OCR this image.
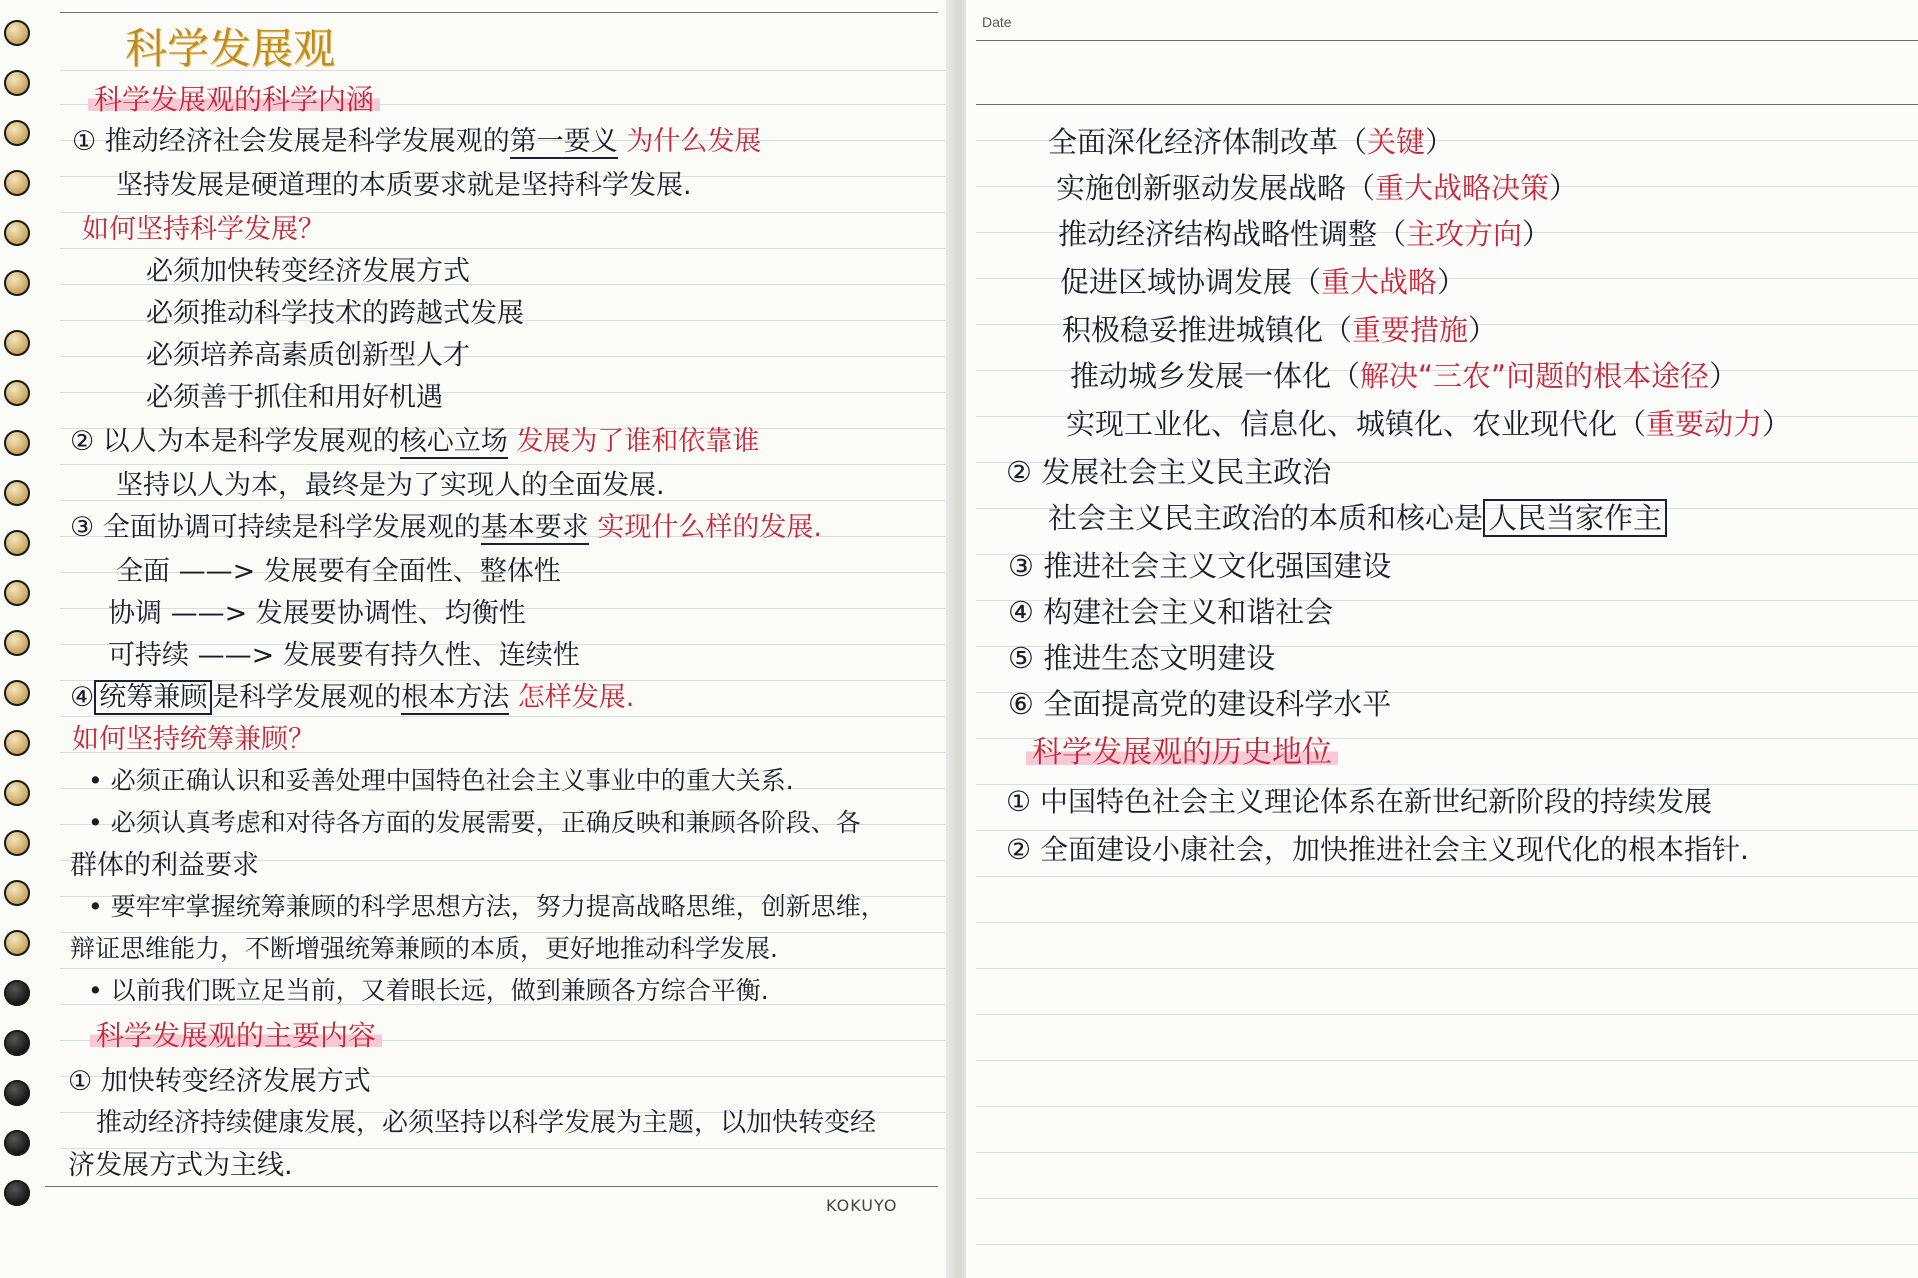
科学发展观
科学发展观的科学内涵
① 推动经济社会发展是科学发展观的第一要义 为什么发展
坚持发展是硬道理的本质要求就是坚持科学发展.
如何坚持科学发展？
必须加快转变经济发展方式
必须推动科学技术的跨越式发展
必须培养高素质创新型人才
必须善于抓住和用好机遇
② 以人为本是科学发展观的核心立场 发展为了谁和依靠谁
坚持以人为本，最终是为了实现人的全面发展.
③ 全面协调可持续是科学发展观的基本要求 实现什么样的发展.
全面 ——> 发展要有全面性、整体性
协调 ——> 发展要协调性、均衡性
可持续 ——> 发展要有持久性、连续性
④ 统筹兼顾 是科学发展观的根本方法 怎样发展.
如何坚持统筹兼顾？
• 必须正确认识和妥善处理中国特色社会主义事业中的重大关系.
• 必须认真考虑和对待各方面的发展需要，正确反映和兼顾各阶段、各
群体的利益要求
• 要牢牢掌握统筹兼顾的科学思想方法，努力提高战略思维，创新思维，
辩证思维能力，不断增强统筹兼顾的本质，更好地推动科学发展.
• 以前我们既立足当前，又着眼长远，做到兼顾各方综合平衡.
科学发展观的主要内容
① 加快转变经济发展方式
推动经济持续健康发展，必须坚持以科学发展为主题，以加快转变经
济发展方式为主线.
KOKUYO
Date
全面深化经济体制改革（关键）
实施创新驱动发展战略（重大战略决策）
推动经济结构战略性调整（主攻方向）
促进区域协调发展（重大战略）
积极稳妥推进城镇化（重要措施）
推动城乡发展一体化（解决“三农”问题的根本途径）
实现工业化、信息化、城镇化、农业现代化（重要动力）
② 发展社会主义民主政治
社会主义民主政治的本质和核心是 人民当家作主
③ 推进社会主义文化强国建设
④ 构建社会主义和谐社会
⑤ 推进生态文明建设
⑥ 全面提高党的建设科学水平
科学发展观的历史地位
① 中国特色社会主义理论体系在新世纪新阶段的持续发展
② 全面建设小康社会，加快推进社会主义现代化的根本指针.
